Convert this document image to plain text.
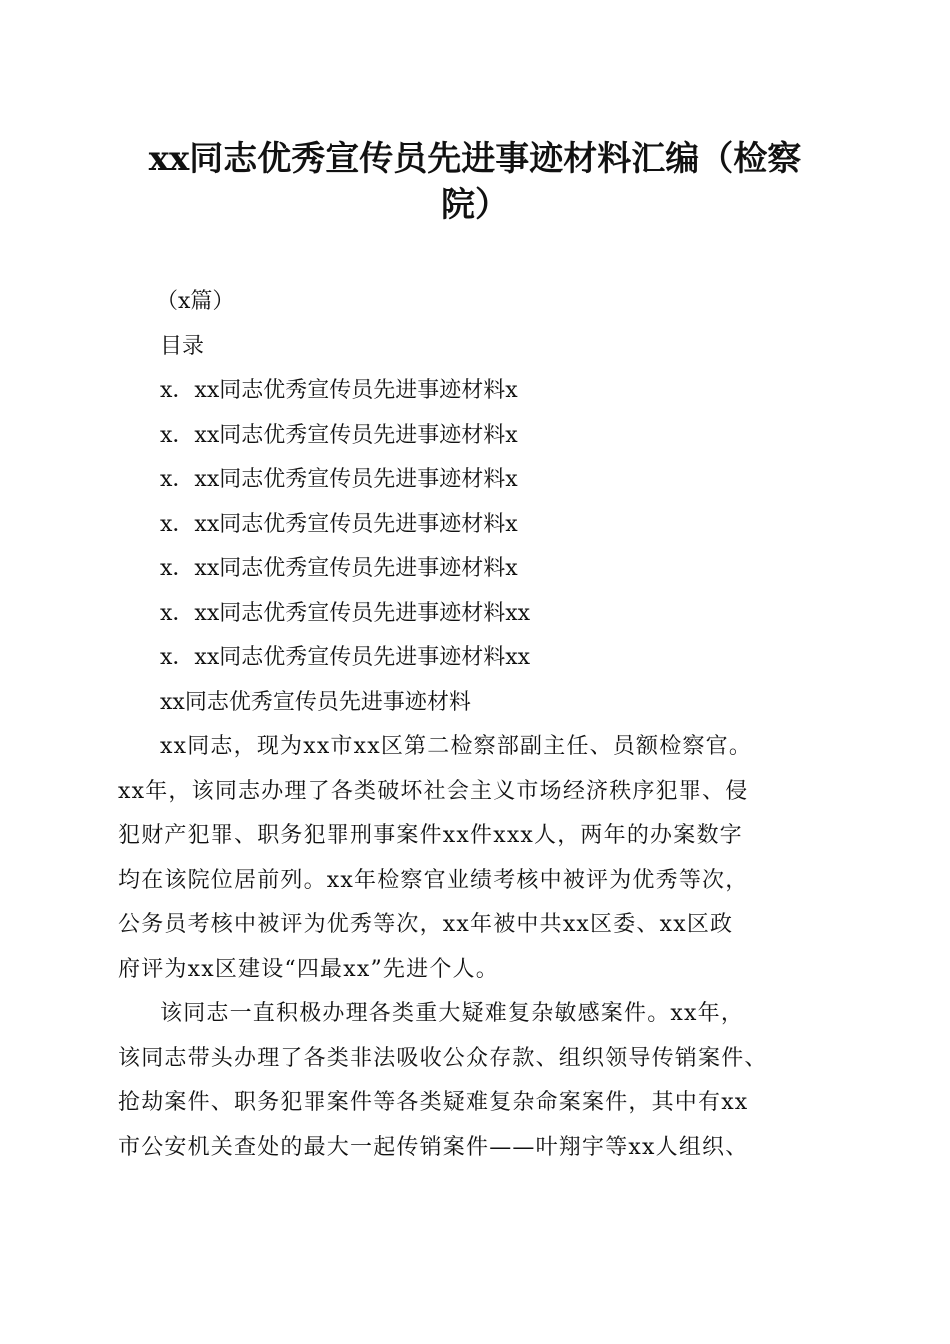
xx同志优秀宣传员先进事迹材料汇编（检察
院）
（x篇）
目录
x．xx同志优秀宣传员先进事迹材料x
x．xx同志优秀宣传员先进事迹材料x
x．xx同志优秀宣传员先进事迹材料x
x．xx同志优秀宣传员先进事迹材料x
x．xx同志优秀宣传员先进事迹材料x
x．xx同志优秀宣传员先进事迹材料xx
x．xx同志优秀宣传员先进事迹材料xx
xx同志优秀宣传员先进事迹材料
xx同志，现为xx市xx区第二检察部副主任、员额检察官。
xx年，该同志办理了各类破坏社会主义市场经济秩序犯罪、侵
犯财产犯罪、职务犯罪刑事案件xx件xxx人，两年的办案数字
均在该院位居前列。xx年检察官业绩考核中被评为优秀等次，
公务员考核中被评为优秀等次，xx年被中共xx区委、xx区政
府评为xx区建设“四最xx”先进个人。
该同志一直积极办理各类重大疑难复杂敏感案件。xx年，
该同志带头办理了各类非法吸收公众存款、组织领导传销案件、
抢劫案件、职务犯罪案件等各类疑难复杂命案案件，其中有xx
市公安机关查处的最大一起传销案件——叶翔宇等xx人组织、
